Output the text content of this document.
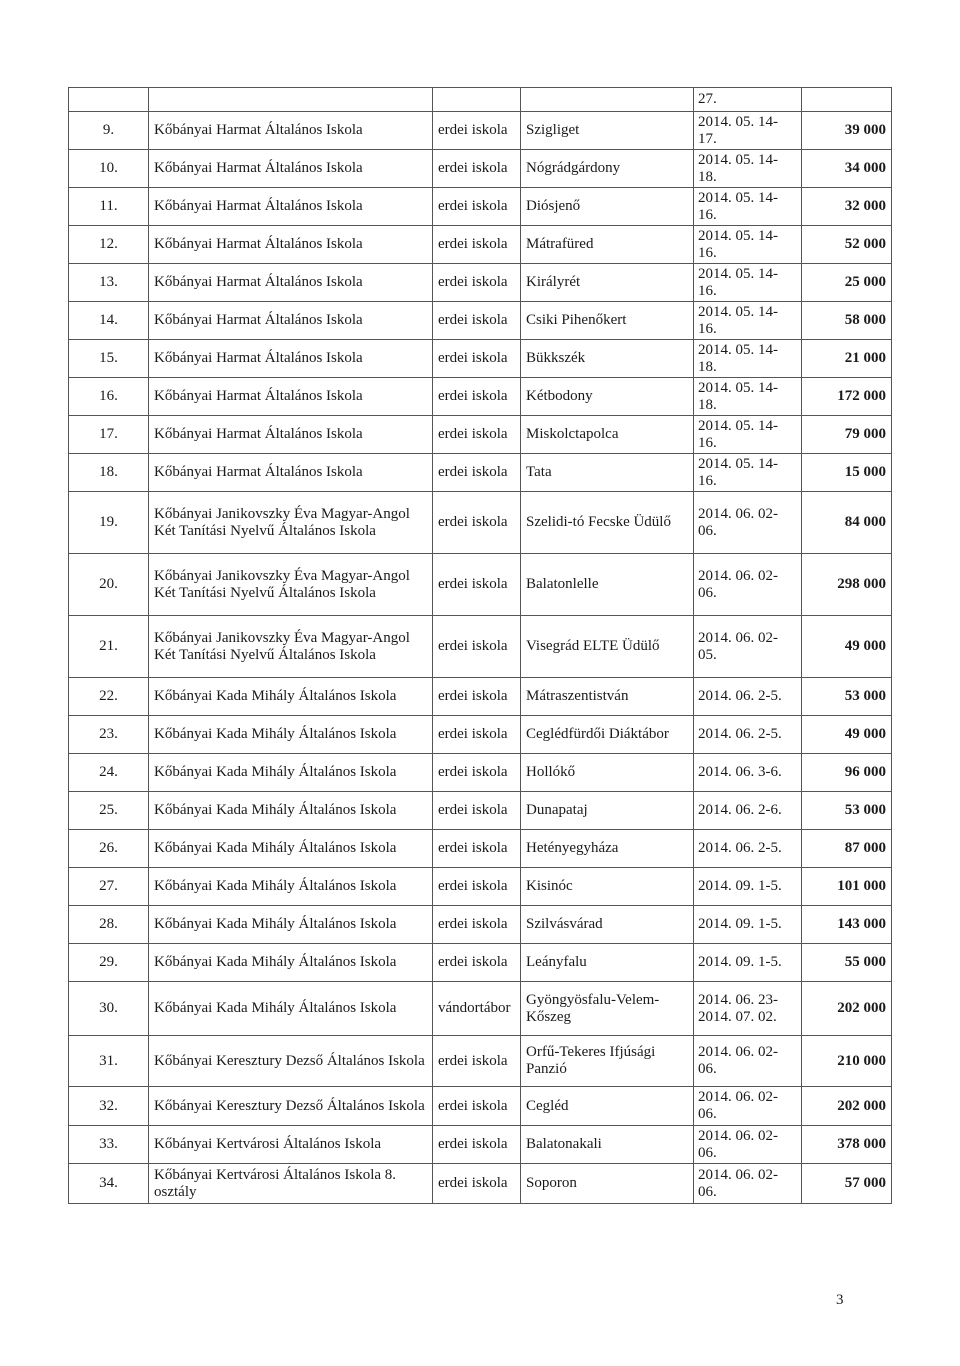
				27.	
9.	Kőbányai Harmat Általános Iskola	erdei iskola	Szigliget	2014. 05. 14- 17.	39 000
10.	Kőbányai Harmat Általános Iskola	erdei iskola	Nógrádgárdony	2014. 05. 14- 18.	34 000
11.	Kőbányai Harmat Általános Iskola	erdei iskola	Diósjenő	2014. 05. 14- 16.	32 000
12.	Kőbányai Harmat Általános Iskola	erdei iskola	Mátrafüred	2014. 05. 14- 16.	52 000
13.	Kőbányai Harmat Általános Iskola	erdei iskola	Királyrét	2014. 05. 14- 16.	25 000
14.	Kőbányai Harmat Általános Iskola	erdei iskola	Csiki Pihenőkert	2014. 05. 14- 16.	58 000
15.	Kőbányai Harmat Általános Iskola	erdei iskola	Bükkszék	2014. 05. 14- 18.	21 000
16.	Kőbányai Harmat Általános Iskola	erdei iskola	Kétbodony	2014. 05. 14- 18.	172 000
17.	Kőbányai Harmat Általános Iskola	erdei iskola	Miskolctapolca	2014. 05. 14- 16.	79 000
18.	Kőbányai Harmat Általános Iskola	erdei iskola	Tata	2014. 05. 14- 16.	15 000
19.	Kőbányai Janikovszky Éva Magyar-Angol Két Tanítási Nyelvű Általános Iskola	erdei iskola	Szelidi-tó Fecske Üdülő	2014. 06. 02- 06.	84 000
20.	Kőbányai Janikovszky Éva Magyar-Angol Két Tanítási Nyelvű Általános Iskola	erdei iskola	Balatonlelle	2014. 06. 02- 06.	298 000
21.	Kőbányai Janikovszky Éva Magyar-Angol Két Tanítási Nyelvű Általános Iskola	erdei iskola	Visegrád ELTE Üdülő	2014. 06. 02- 05.	49 000
22.	Kőbányai Kada Mihály Általános Iskola	erdei iskola	Mátraszentistván	2014. 06. 2-5.	53 000
23.	Kőbányai Kada Mihály Általános Iskola	erdei iskola	Ceglédfürdői Diáktábor	2014. 06. 2-5.	49 000
24.	Kőbányai Kada Mihály Általános Iskola	erdei iskola	Hollókő	2014. 06. 3-6.	96 000
25.	Kőbányai Kada Mihály Általános Iskola	erdei iskola	Dunapataj	2014. 06. 2-6.	53 000
26.	Kőbányai Kada Mihály Általános Iskola	erdei iskola	Hetényegyháza	2014. 06. 2-5.	87 000
27.	Kőbányai Kada Mihály Általános Iskola	erdei iskola	Kisinóc	2014. 09. 1-5.	101 000
28.	Kőbányai Kada Mihály Általános Iskola	erdei iskola	Szilvásvárad	2014. 09. 1-5.	143 000
29.	Kőbányai Kada Mihály Általános Iskola	erdei iskola	Leányfalu	2014. 09. 1-5.	55 000
30.	Kőbányai Kada Mihály Általános Iskola	vándortábor	Gyöngyösfalu-Velem-Kőszeg	2014. 06. 23- 2014. 07. 02.	202 000
31.	Kőbányai Keresztury Dezső Általános Iskola	erdei iskola	Orfű-Tekeres Ifjúsági Panzió	2014. 06. 02- 06.	210 000
32.	Kőbányai Keresztury Dezső Általános Iskola	erdei iskola	Cegléd	2014. 06. 02- 06.	202 000
33.	Kőbányai Kertvárosi Általános Iskola	erdei iskola	Balatonakali	2014. 06. 02- 06.	378 000
34.	Kőbányai Kertvárosi Általános Iskola 8. osztály	erdei iskola	Soporon	2014. 06. 02- 06.	57 000
3
